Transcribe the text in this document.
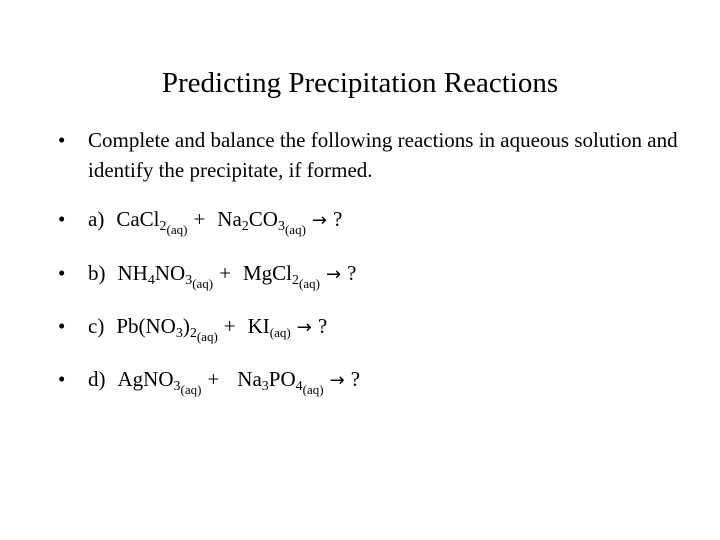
Predicting Precipitation Reactions
•	Complete and balance the following reactions in aqueous solution and identify the precipitate, if formed.
•	a) CaCl$_{2(aq)}$ + $Na_2CO_{3(aq)}$ → ?
•	b) $NH_4NO_{3(aq)}$ + MgCl$_{2(aq)}$ → ?
•	c) $Pb(NO_3)_{2(aq)} + KI_{(aq)}$ → ?
•	d) AgNO$_{3(aq)}$ + $Na_3PO_{4(aq)}$ → ?
